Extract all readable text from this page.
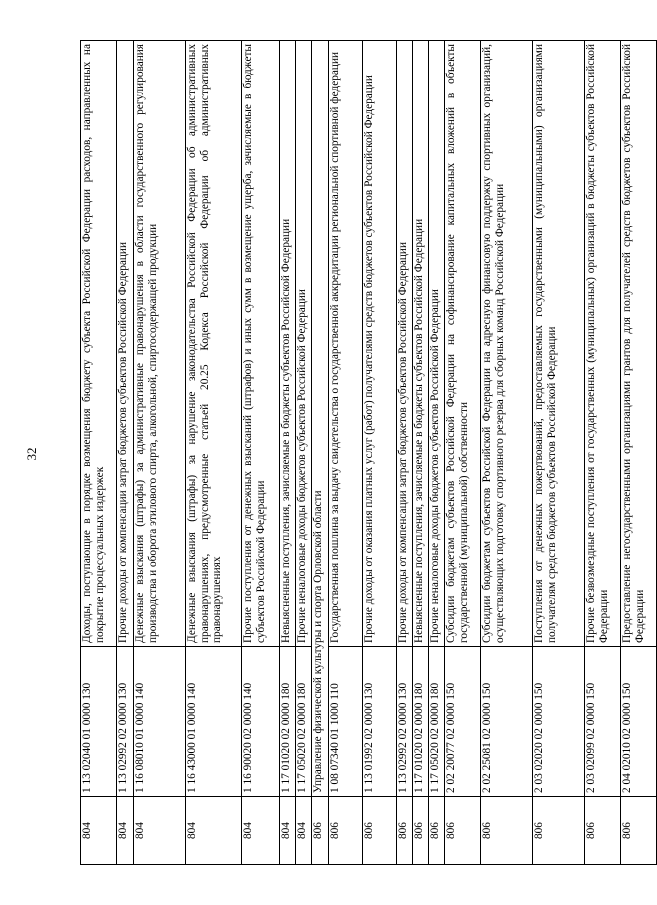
32
804	1 13 02040 01 0000 130	Доходы, поступающие в порядке возмещения бюджету субъекта Российской Федерации расходов, направленных на покрытие процессуальных издержек
804	1 13 02992 02 0000 130	Прочие доходы от компенсации затрат бюджетов субъектов Российской Федерации
804	1 16 08010 01 0000 140	Денежные взыскания (штрафы) за административные правонарушения в области государственного регулирования производства и оборота этилового спирта, алкогольной, спиртосодержащей продукции
804	1 16 43000 01 0000 140	Денежные взыскания (штрафы) за нарушение законодательства Российской Федерации об административных правонарушениях, предусмотренные статьей 20.25 Кодекса Российской Федерации об административных правонарушениях
804	1 16 90020 02 0000 140	Прочие поступления от денежных взысканий (штрафов) и иных сумм в возмещение ущерба, зачисляемые в бюджеты субъектов Российской Федерации
804	1 17 01020 02 0000 180	Невыясненные поступления, зачисляемые в бюджеты субъектов Российской Федерации
804	1 17 05020 02 0000 180	Прочие неналоговые доходы бюджетов субъектов Российской Федерации
806	Управление физической культуры и спорта Орловской области	
806	1 08 07340 01 1000 110	Государственная пошлина за выдачу свидетельства о государственной аккредитации региональной спортивной федерации
806	1 13 01992 02 0000 130	Прочие доходы от оказания платных услуг (работ) получателями средств бюджетов субъектов Российской Федерации
806	1 13 02992 02 0000 130	Прочие доходы от компенсации затрат бюджетов субъектов Российской Федерации
806	1 17 01020 02 0000 180	Невыясненные поступления, зачисляемые в бюджеты субъектов Российской Федерации
806	1 17 05020 02 0000 180	Прочие неналоговые доходы бюджетов субъектов Российской Федерации
806	2 02 20077 02 0000 150	Субсидии бюджетам субъектов Российской Федерации на софинансирование капитальных вложений в объекты государственной (муниципальной) собственности
806	2 02 25081 02 0000 150	Субсидии бюджетам субъектов Российской Федерации на адресную финансовую поддержку спортивных организаций, осуществляющих подготовку спортивного резерва для сборных команд Российской Федерации
806	2 03 02020 02 0000 150	Поступления от денежных пожертвований, предоставляемых государственными (муниципальными) организациями получателям средств бюджетов субъектов Российской Федерации
806	2 03 02099 02 0000 150	Прочие безвозмездные поступления от государственных (муниципальных) организаций в бюджеты субъектов Российской Федерации
806	2 04 02010 02 0000 150	Предоставление негосударственными организациями грантов для получателей средств бюджетов субъектов Российской Федерации
